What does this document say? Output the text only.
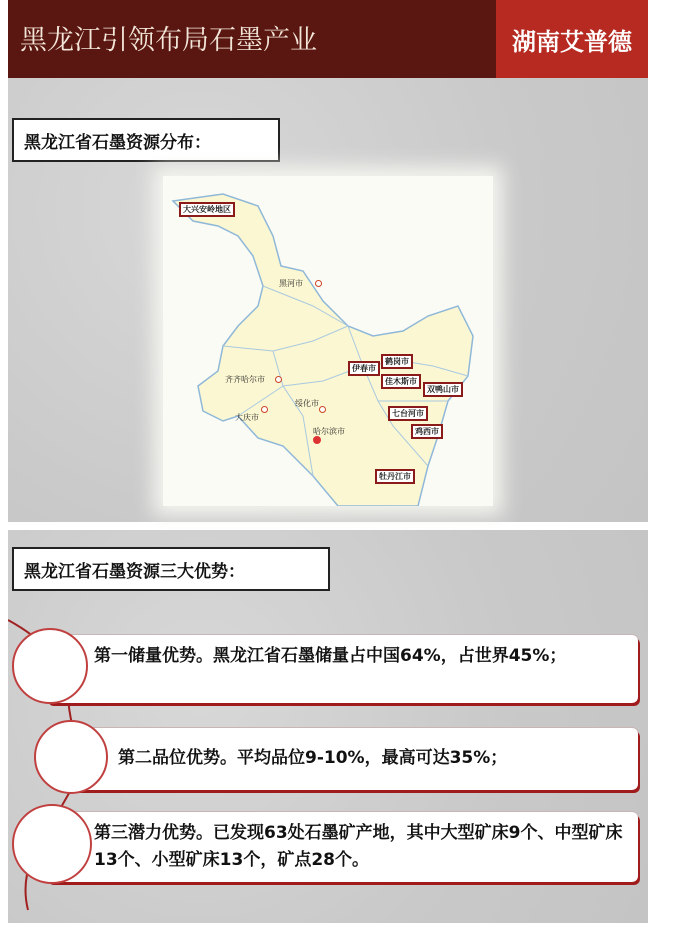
黑龙江引领布局石墨产业	湖南艾普德
黑龙江省石墨资源分布：
大兴安岭地区
伊春市
鹤岗市
佳木斯市
双鸭山市
七台河市
鸡西市
牡丹江市
黑河市
齐齐哈尔市
绥化市
大庆市
哈尔滨市
黑龙江省石墨资源三大优势：
第一储量优势。黑龙江省石墨储量占中国64%，占世界45%；
第二品位优势。平均品位9-10%，最高可达35%；
第三潜力优势。已发现63处石墨矿产地，其中大型矿床9个、中型矿床13个、小型矿床13个，矿点28个。
